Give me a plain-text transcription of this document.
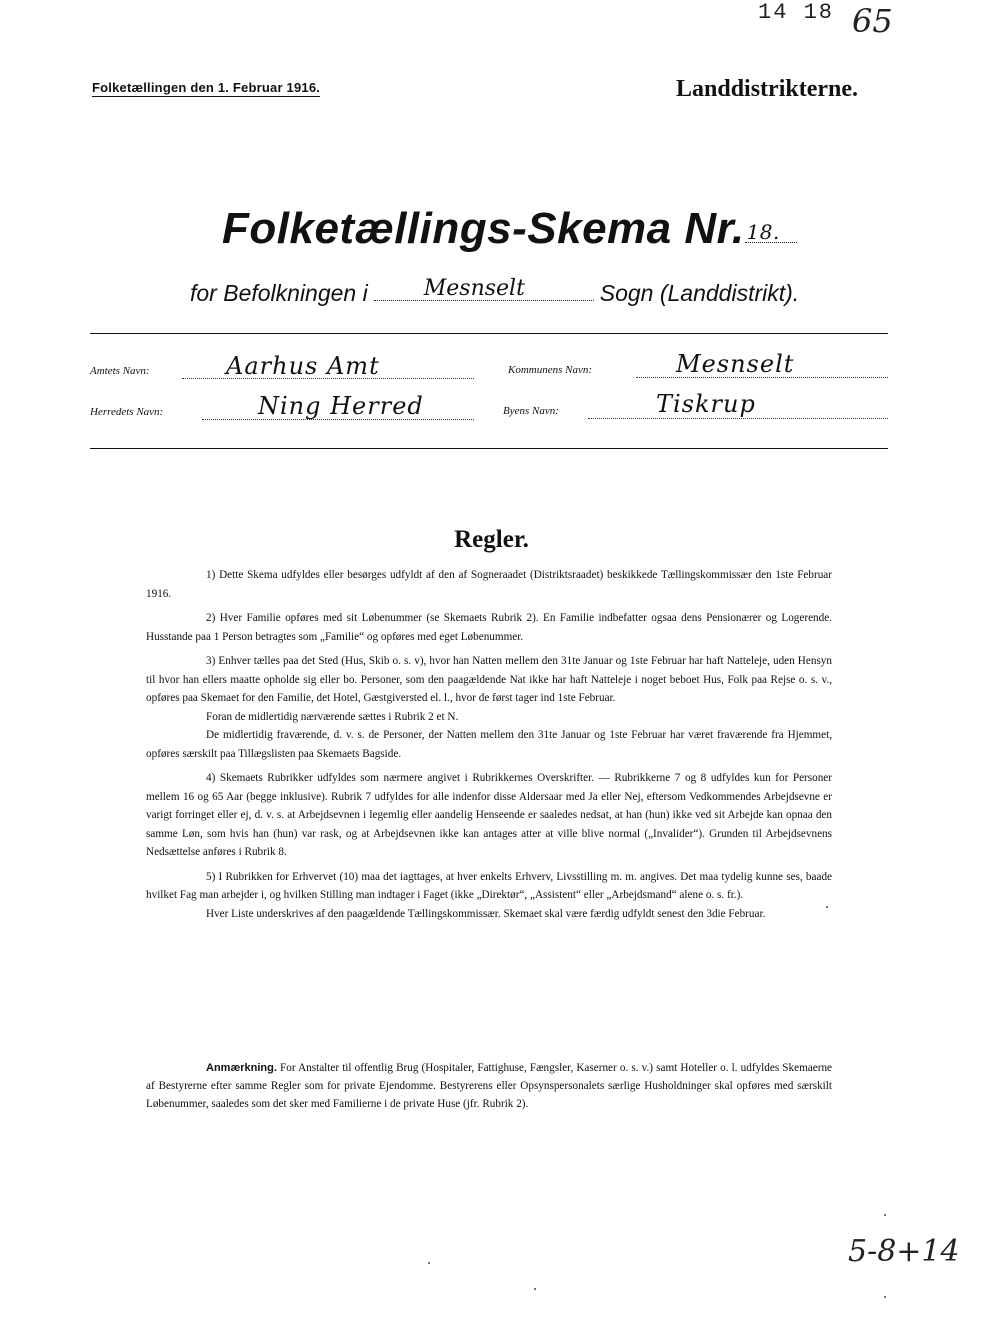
14 18 65
Folketællingen den 1. Februar 1916.	Landdistrikterne.
Folketællings-Skema Nr. 18.
for Befolkningen i	Mesnselt	Sogn (Landdistrikt).
Amtets Navn:	Aarhus Amt	Kommunens Navn:	Mesnselt
Herredets Navn:	Ning Herred	Byens Navn:	Tiskrup
Regler.

1) Dette Skema udfyldes eller besørges udfyldt af den af Sognerаadet (Distriktsraadet) beskikkede Tællingskommissær den 1ste Februar 1916.

2) Hver Familie opføres med sit Løbenummer (se Skemaets Rubrik 2). En Familie indbefatter ogsaa dens Pensionærer og Logerende. Husstande paa 1 Person betragtes som „Familie“ og opføres med eget Løbenummer.

3) Enhver tælles paa det Sted (Hus, Skib o. s. v), hvor han Natten mellem den 31te Januar og 1ste Februar har haft Natteleje, uden Hensyn til hvor han ellers maatte opholde sig eller bo. Personer, som den paagældende Nat ikke har haft Natteleje i noget beboet Hus, Folk paa Rejse o. s. v., opføres paa Skemaet for den Familie, det Hotel, Gæstgiversted el. l., hvor de først tager ind 1ste Februar.

Foran de midlertidig nærværende sættes i Rubrik 2 et N.

De midlertidig fraværende, d. v. s. de Personer, der Natten mellem den 31te Januar og 1ste Februar har været fraværende fra Hjemmet, opføres særskilt paa Tillægslisten paa Skemaets Bagside.

4) Skemaets Rubrikker udfyldes som nærmere angivet i Rubrikkernes Overskrifter. — Rubrikkerne 7 og 8 udfyldes kun for Personer mellem 16 og 65 Aar (begge inklusive). Rubrik 7 udfyldes for alle indenfor disse Aldersaar med Ja eller Nej, eftersom Vedkommendes Arbejdsevne er varigt forringet eller ej, d. v. s. at Arbejdsevnen i legemlig eller aandelig Henseende er saaledes nedsat, at han (hun) ikke ved sit Arbejde kan opnaa den samme Løn, som hvis han (hun) var rask, og at Arbejdsevnen ikke kan antages atter at ville blive normal („Invalider“). Grunden til Arbejdsevnens Nedsættelse anføres i Rubrik 8.

5) I Rubrikken for Erhvervet (10) maa det iagttages, at hver enkelts Erhverv, Livsstilling m. m. angives. Det maa tydelig kunne ses, baade hvilket Fag man arbejder i, og hvilken Stilling man indtager i Faget (ikke „Direktør“, „Assistent“ eller „Arbejdsmand“ alene o. s. fr.).

Hver Liste underskrives af den paagældende Tællingskommissær. Skemaet skal være færdig udfyldt senest den 3die Februar.

Anmærkning. For Anstalter til offentlig Brug (Hospitaler, Fattighuse, Fængsler, Kaserner o. s. v.) samt Hoteller o. l. udfyldes Skemaerne af Bestyrerne efter samme Regler som for private Ejendomme. Bestyrerens eller Opsynspersonalets særlige Husholdninger skal opføres med særskilt Løbenummer, saaledes som det sker med Familierne i de private Huse (jfr. Rubrik 2).
5-8+14
